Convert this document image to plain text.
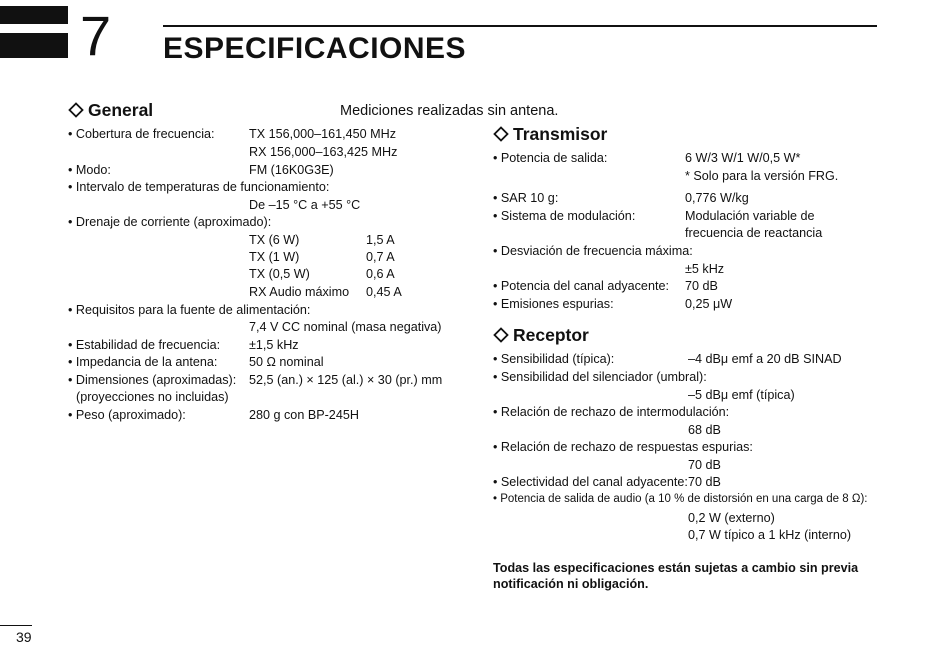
7 ESPECIFICACIONES
General	Mediciones realizadas sin antena.
• Cobertura de frecuencia:	TX 156,000–161,450 MHz
RX 156,000–163,425 MHz
• Modo:	FM (16K0G3E)
• Intervalo de temperaturas de funcionamiento:
De –15 °C a +55 °C
• Drenaje de corriente (aproximado):
TX (6 W)	1,5 A
TX (1 W)	0,7 A
TX (0,5 W)	0,6 A
RX Audio máximo 0,45 A
• Requisitos para la fuente de alimentación:
7,4 V CC nominal (masa negativa)
• Estabilidad de frecuencia: ±1,5 kHz
• Impedancia de la antena:	50 Ω nominal
• Dimensiones (aproximadas): 52,5 (an.) × 125 (al.) × 30 (pr.) mm
(proyecciones no incluidas)
• Peso (aproximado):	280 g con BP-245H
Transmisor
• Potencia de salida:	6 W/3 W/1 W/0,5 W*
* Solo para la versión FRG.
• SAR 10 g:	0,776 W/kg
• Sistema de modulación:	Modulación variable de
frecuencia de reactancia
• Desviación de frecuencia máxima:
±5 kHz
• Potencia del canal adyacente: 70 dB
• Emisiones espurias:	0,25 μW
Receptor
• Sensibilidad (típica):	–4 dBμ emf a 20 dB SINAD
• Sensibilidad del silenciador (umbral):
–5 dBμ emf (típica)
• Relación de rechazo de intermodulación:
68 dB
• Relación de rechazo de respuestas espurias:
70 dB
• Selectividad del canal adyacente: 70 dB
• Potencia de salida de audio (a 10 % de distorsión en una carga de 8 Ω):
0,2 W (externo)
0,7 W típico a 1 kHz (interno)
Todas las especificaciones están sujetas a cambio sin previa
notificación ni obligación.
39
